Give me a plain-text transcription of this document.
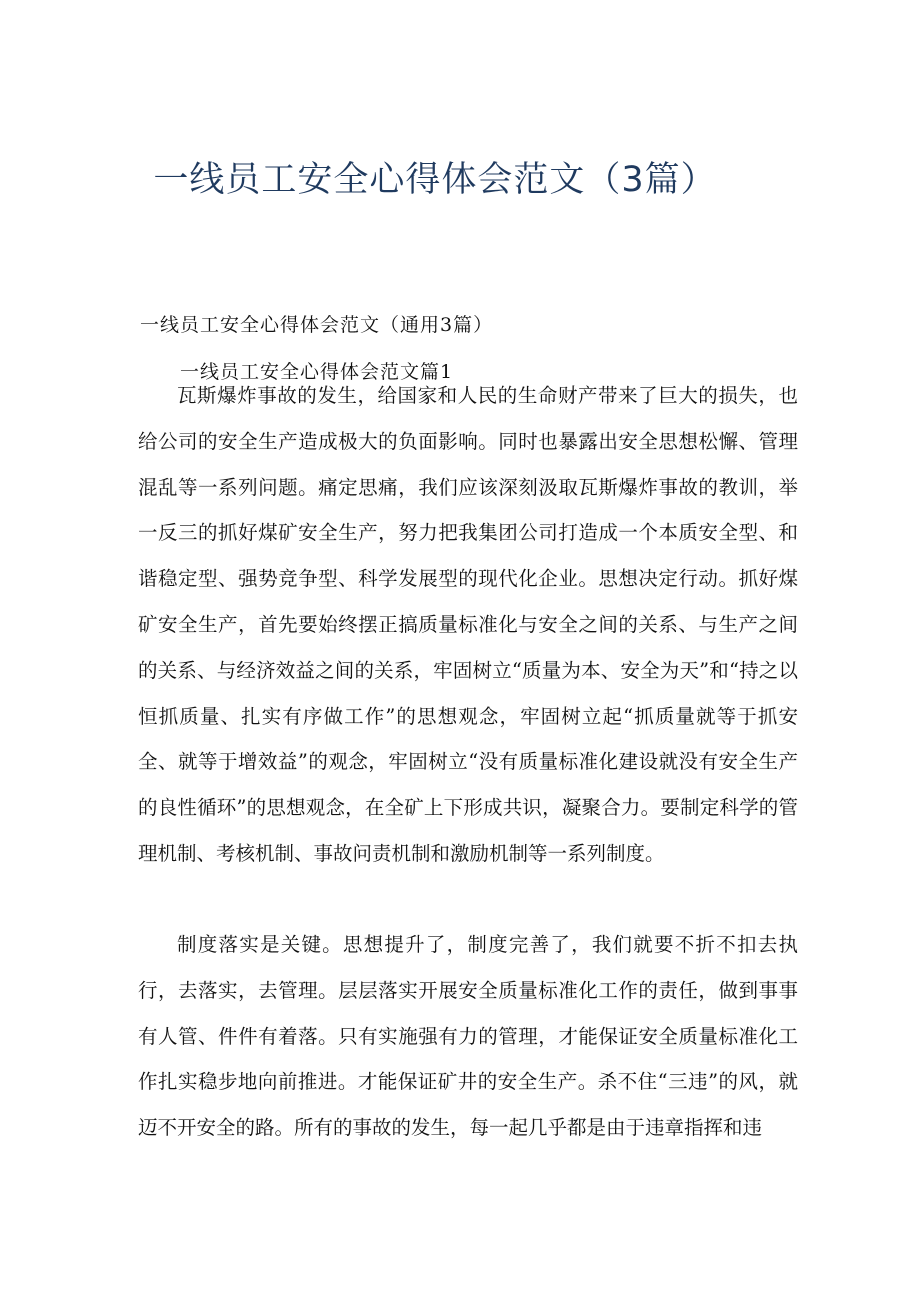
一线员工安全心得体会范文（3篇）
一线员工安全心得体会范文（通用3篇）
一线员工安全心得体会范文篇1

瓦斯爆炸事故的发生，给国家和人民的生命财产带来了巨大的损失，也给公司的安全生产造成极大的负面影响。同时也暴露出安全思想松懈、管理混乱等一系列问题。痛定思痛，我们应该深刻汲取瓦斯爆炸事故的教训，举一反三的抓好煤矿安全生产，努力把我集团公司打造成一个本质安全型、和谐稳定型、强势竞争型、科学发展型的现代化企业。思想决定行动。抓好煤矿安全生产，首先要始终摆正搞质量标准化与安全之间的关系、与生产之间的关系、与经济效益之间的关系，牢固树立“质量为本、安全为天”和“持之以恒抓质量、扎实有序做工作”的思想观念，牢固树立起“抓质量就等于抓安全、就等于增效益”的观念，牢固树立“没有质量标准化建设就没有安全生产的良性循环”的思想观念，在全矿上下形成共识，凝聚合力。要制定科学的管理机制、考核机制、事故问责机制和激励机制等一系列制度。

制度落实是关键。思想提升了，制度完善了，我们就要不折不扣去执行，去落实，去管理。层层落实开展安全质量标准化工作的责任，做到事事有人管、件件有着落。只有实施强有力的管理，才能保证安全质量标准化工作扎实稳步地向前推进。才能保证矿井的安全生产。杀不住“三违”的风，就迈不开安全的路。所有的事故的发生，每一起几乎都是由于违章指挥和违
